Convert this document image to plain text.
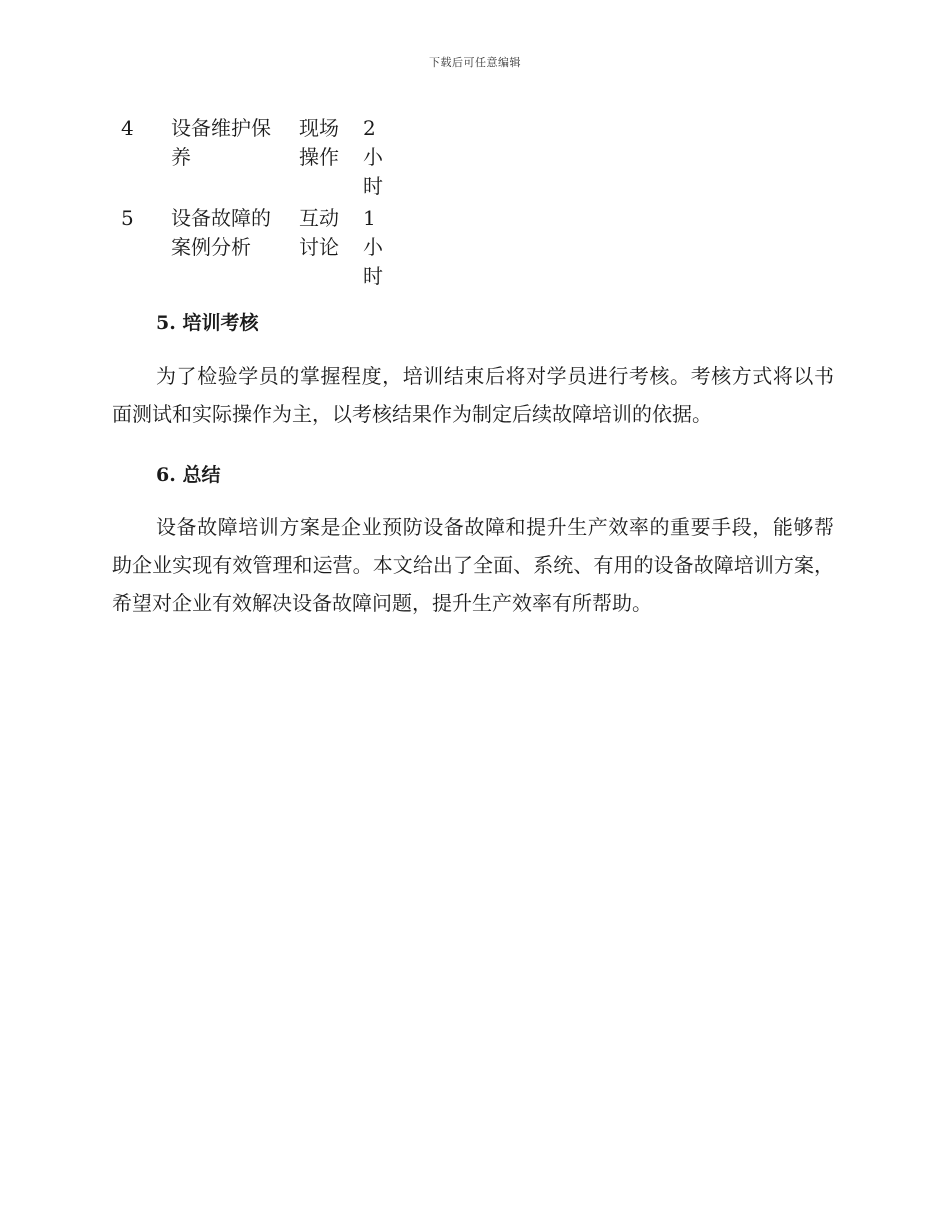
下载后可任意编辑
4	设备维护保养	现场操作	2小时

5	设备故障的案例分析	互动讨论	1小时
5. 培训考核

为了检验学员的掌握程度，培训结束后将对学员进行考核。考核方式将以书面测试和实际操作为主，以考核结果作为制定后续故障培训的依据。

6. 总结

设备故障培训方案是企业预防设备故障和提升生产效率的重要手段，能够帮助企业实现有效管理和运营。本文给出了全面、系统、有用的设备故障培训方案，希望对企业有效解决设备故障问题，提升生产效率有所帮助。
